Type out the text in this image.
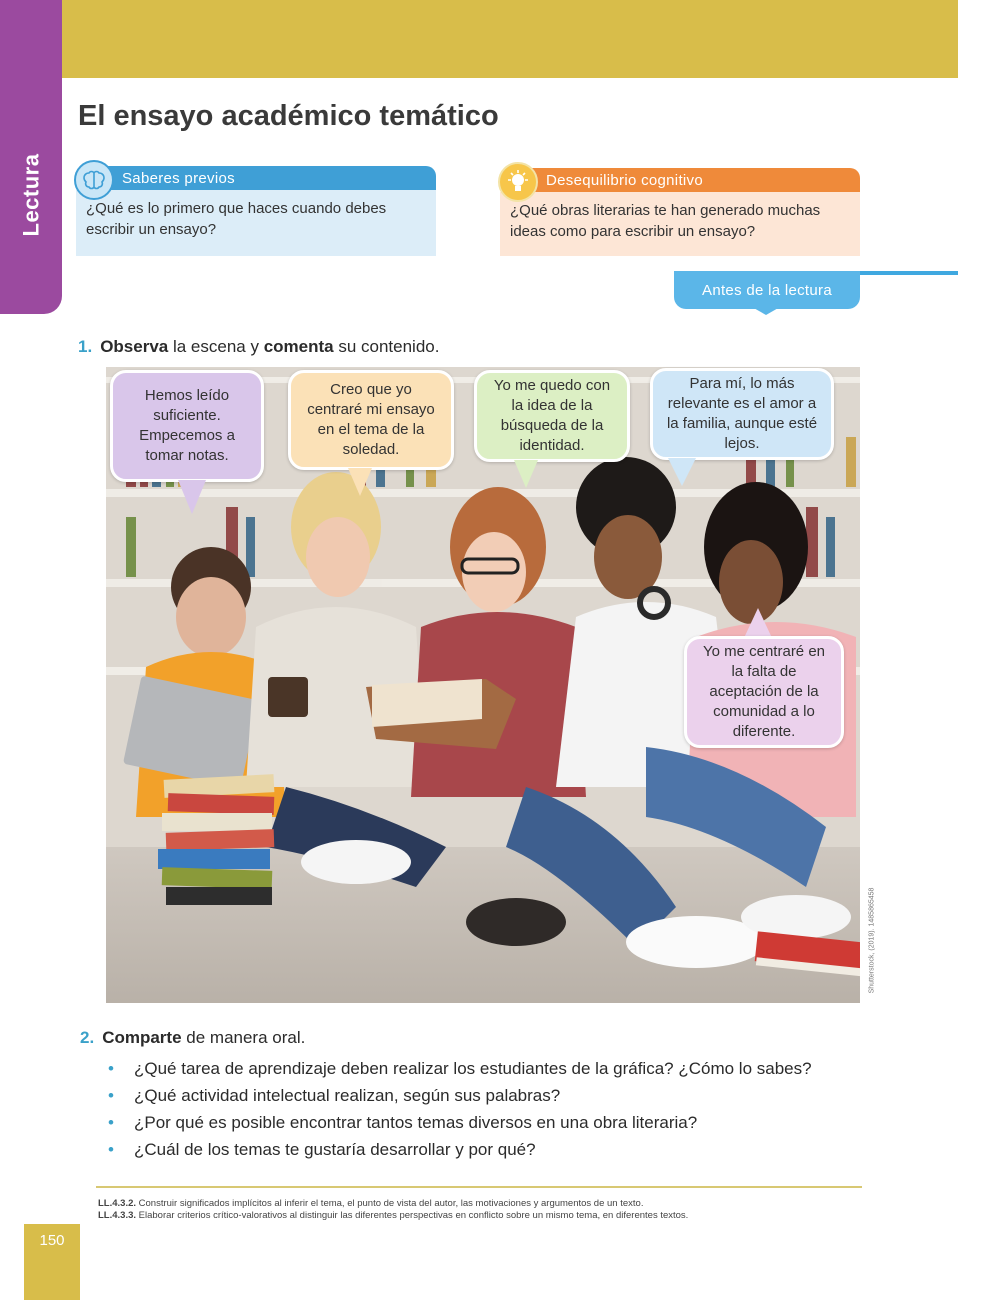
Lectura
El ensayo académico temático
¿Qué es lo primero que haces cuando debes escribir un ensayo?
Saberes previos
¿Qué obras literarias te han generado muchas ideas como para escribir un ensayo?
Desequilibrio cognitivo
Antes de la lectura
1. Observa la escena y comenta su contenido.
Hemos leído suficiente. Empecemos a tomar notas.
Creo que yo centraré mi ensayo en el tema de la soledad.
Yo me quedo con la idea de la búsqueda de la identidad.
Para mí, lo más relevante es el amor a la familia, aunque esté lejos.
Yo me centraré en la falta de aceptación de la comunidad a lo diferente.
Shutterstock, (2019). 1485865458
2. Comparte de manera oral.
• ¿Qué tarea de aprendizaje deben realizar los estudiantes de la gráfica? ¿Cómo lo sabes?
• ¿Qué actividad intelectual realizan, según sus palabras?
• ¿Por qué es posible encontrar tantos temas diversos en una obra literaria?
• ¿Cuál de los temas te gustaría desarrollar y por qué?
LL.4.3.2. Construir significados implícitos al inferir el tema, el punto de vista del autor, las motivaciones y argumentos de un texto.
LL.4.3.3. Elaborar criterios crítico-valorativos al distinguir las diferentes perspectivas en conflicto sobre un mismo tema, en diferentes textos.
150
